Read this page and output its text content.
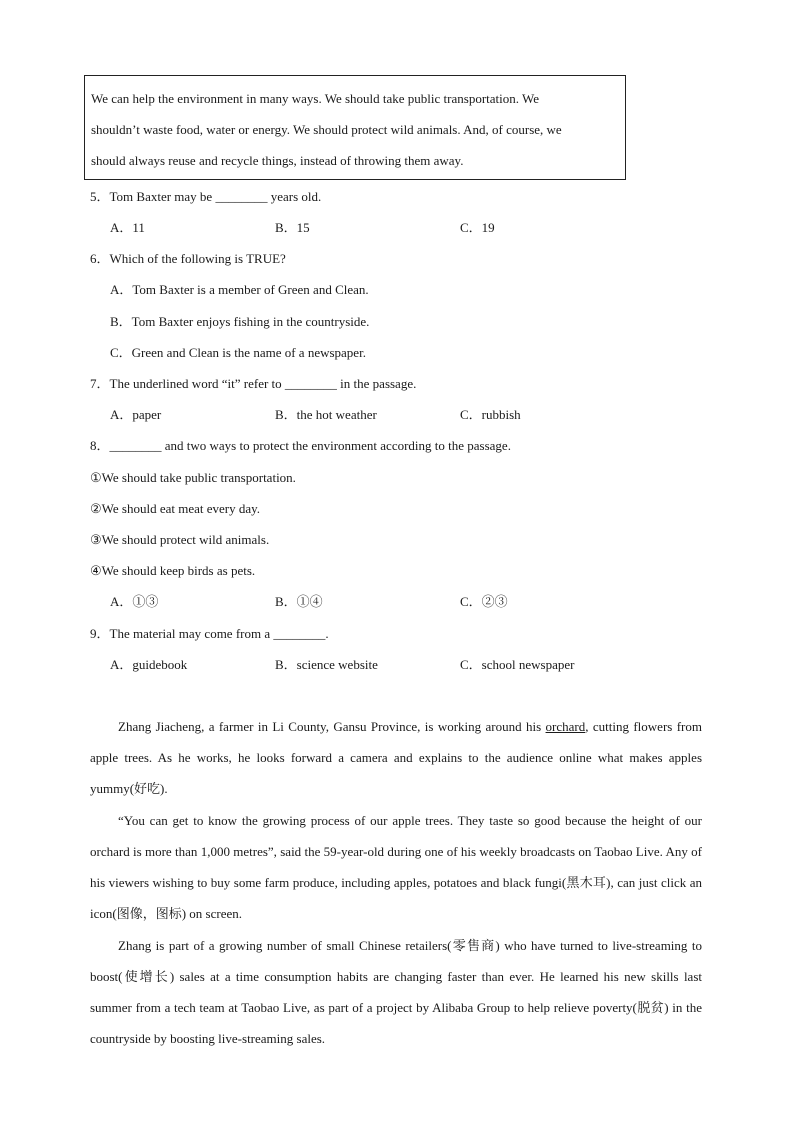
We can help the environment in many ways. We should take public transportation. We

shouldn’t waste food, water or energy. We should protect wild animals. And, of course, we

should always reuse and recycle things, instead of throwing them away.

5．Tom Baxter may be ________ years old.

A．11	B．15	C．19

6．Which of the following is TRUE?

A．Tom Baxter is a member of Green and Clean.

B．Tom Baxter enjoys fishing in the countryside.

C．Green and Clean is the name of a newspaper.

7．The underlined word “it” refer to ________ in the passage.

A．paper	B．the hot weather	C．rubbish

8．________ and two ways to protect the environment according to the passage.

①We should take public transportation.

②We should eat meat every day.

③We should protect wild animals.

④We should keep birds as pets.

A．①③	B．①④	C．②③

9．The material may come from a ________.

A．guidebook	B．science website	C．school newspaper

Zhang Jiacheng, a farmer in Li County, Gansu Province, is working around his orchard, cutting flowers from apple trees. As he works, he looks forward a camera and explains to the audience online what makes apples yummy(好吃).

“You can get to know the growing process of our apple trees. They taste so good because the height of our orchard is more than 1,000 metres”, said the 59-year-old during one of his weekly broadcasts on Taobao Live. Any of his viewers wishing to buy some farm produce, including apples, potatoes and black fungi(黑木耳), can just click an icon(图像，图标) on screen.

Zhang is part of a growing number of small Chinese retailers(零售商) who have turned to live-streaming to boost(使增长) sales at a time consumption habits are changing faster than ever. He learned his new skills last summer from a tech team at Taobao Live, as part of a project by Alibaba Group to help relieve poverty(脱贫) in the countryside by boosting live-streaming sales.
